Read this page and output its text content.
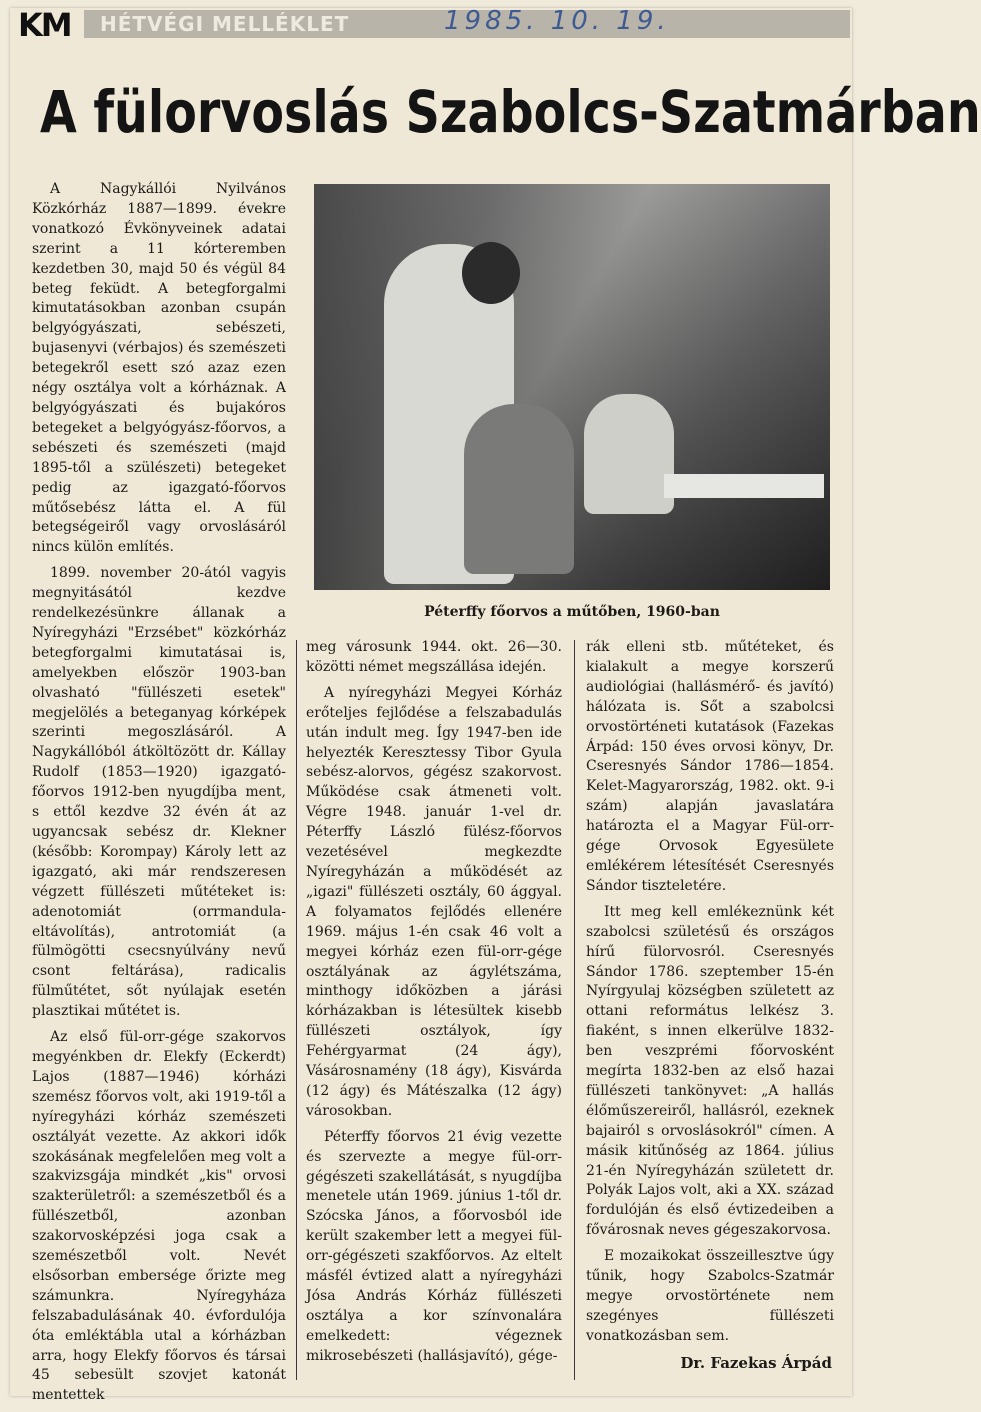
KM HÉTVÉGI MELLÉKLET	1985. 10. 19.
A fülorvoslás Szabolcs-Szatmárban

A Nagykállói Nyilvános Közkórház 1887—1899. évekre vonatkozó Évkönyveinek adatai szerint a 11 kórteremben kezdetben 30, majd 50 és végül 84 beteg feküdt. A betegforgalmi kimutatásokban azonban csupán belgyógyászati, sebészeti, bujasenyvi (vérbajos) és szemészeti betegekről esett szó azaz ezen négy osztálya volt a kórháznak. A belgyógyászati és bujakóros betegeket a belgyógyász-főorvos, a sebészeti és szemészeti (majd 1895-től a szülészeti) betegeket pedig az igazgató-főorvos műtősebész látta el. A fül betegségeiről vagy orvoslásáról nincs külön említés.

1899. november 20-ától vagyis megnyitásától kezdve rendelkezésünkre állanak a Nyíregyházi "Erzsébet" közkórház betegforgalmi kimutatásai is, amelyekben először 1903-ban olvasható "füllészeti esetek" megjelölés a beteganyag kórképek szerinti megoszlásáról. A Nagykállóból átköltözött dr. Kállay Rudolf (1853—1920) igazgató-főorvos 1912-ben nyugdíjba ment, s ettől kezdve 32 évén át az ugyancsak sebész dr. Klekner (később: Korompay) Károly lett az igazgató, aki már rendszeresen végzett füllészeti műtéteket is: adenotomiát (orrmandula-eltávolítás), antrotomiát (a fülmögötti csecsnyúlvány nevű csont feltárása), radicalis fülműtétet, sőt nyúlajak esetén plasztikai műtétet is.

Az első fül-orr-gége szakorvos megyénkben dr. Elekfy (Eckerdt) Lajos (1887—1946) kórházi szemész főorvos volt, aki 1919-től a nyíregyházi kórház szemészeti osztályát vezette. Az akkori idők szokásának megfelelően meg volt a szakvizsgája mindkét „kis" orvosi szakterületről: a szemészetből és a füllészetből, azonban szakorvosképzési joga csak a szemészetből volt. Nevét elsősorban embersége őrizte meg számunkra. Nyíregyháza felszabadulásának 40. évfordulója óta emléktábla utal a kórházban arra, hogy Elekfy főorvos és társai 45 sebesült szovjet katonát mentettek

Péterffy főorvos a műtőben, 1960-ban

meg városunk 1944. okt. 26—30. közötti német megszállása idején.

A nyíregyházi Megyei Kórház erőteljes fejlődése a felszabadulás után indult meg. Így 1947-ben ide helyezték Keresztessy Tibor Gyula sebész-alorvos, gégész szakorvost. Működése csak átmeneti volt. Végre 1948. január 1-vel dr. Péterffy László fülész-főorvos vezetésével megkezdte Nyíregyházán a működését az „igazi" füllészeti osztály, 60 ággyal. A folyamatos fejlődés ellenére 1969. május 1-én csak 46 volt a megyei kórház ezen fül-orr-gége osztályának az ágylétszáma, minthogy időközben a járási kórházakban is létesültek kisebb füllészeti osztályok, így Fehérgyarmat (24 ágy), Vásárosnamény (18 ágy), Kisvárda (12 ágy) és Mátészalka (12 ágy) városokban.

Péterffy főorvos 21 évig vezette és szervezte a megye fül-orr-gégészeti szakellátását, s nyugdíjba menetele után 1969. június 1-től dr. Szócska János, a főorvosból ide került szakember lett a megyei fül-orr-gégészeti szakfőorvos. Az eltelt másfél évtized alatt a nyíregyházi Jósa András Kórház füllészeti osztálya a kor színvonalára emelkedett: végeznek mikrosebészeti (hallásjavító), gége-

rák elleni stb. műtéteket, és kialakult a megye korszerű audiológiai (hallásmérő- és javító) hálózata is. Sőt a szabolcsi orvostörténeti kutatások (Fazekas Árpád: 150 éves orvosi könyv, Dr. Cseresnyés Sándor 1786—1854. Kelet-Magyarország, 1982. okt. 9-i szám) alapján javaslatára határozta el a Magyar Fül-orr-gége Orvosok Egyesülete emlékérem létesítését Cseresnyés Sándor tiszteletére.

Itt meg kell emlékeznünk két szabolcsi születésű és országos hírű fülorvosról. Cseresnyés Sándor 1786. szeptember 15-én Nyírgyulaj községben született az ottani református lelkész 3. fiaként, s innen elkerülve 1832-ben veszprémi főorvosként megírta 1832-ben az első hazai füllészeti tankönyvet: „A hallás élőműszereiről, hallásról, ezeknek bajairól s orvoslásokról" címen. A másik kitűnőség az 1864. július 21-én Nyíregyházán született dr. Polyák Lajos volt, aki a XX. század fordulóján és első évtizedeiben a fővárosnak neves gégeszakorvosa.

E mozaikokat összeillesztve úgy tűnik, hogy Szabolcs-Szatmár megye orvostörténete nem szegényes füllészeti vonatkozásban sem.

Dr. Fazekas Árpád
